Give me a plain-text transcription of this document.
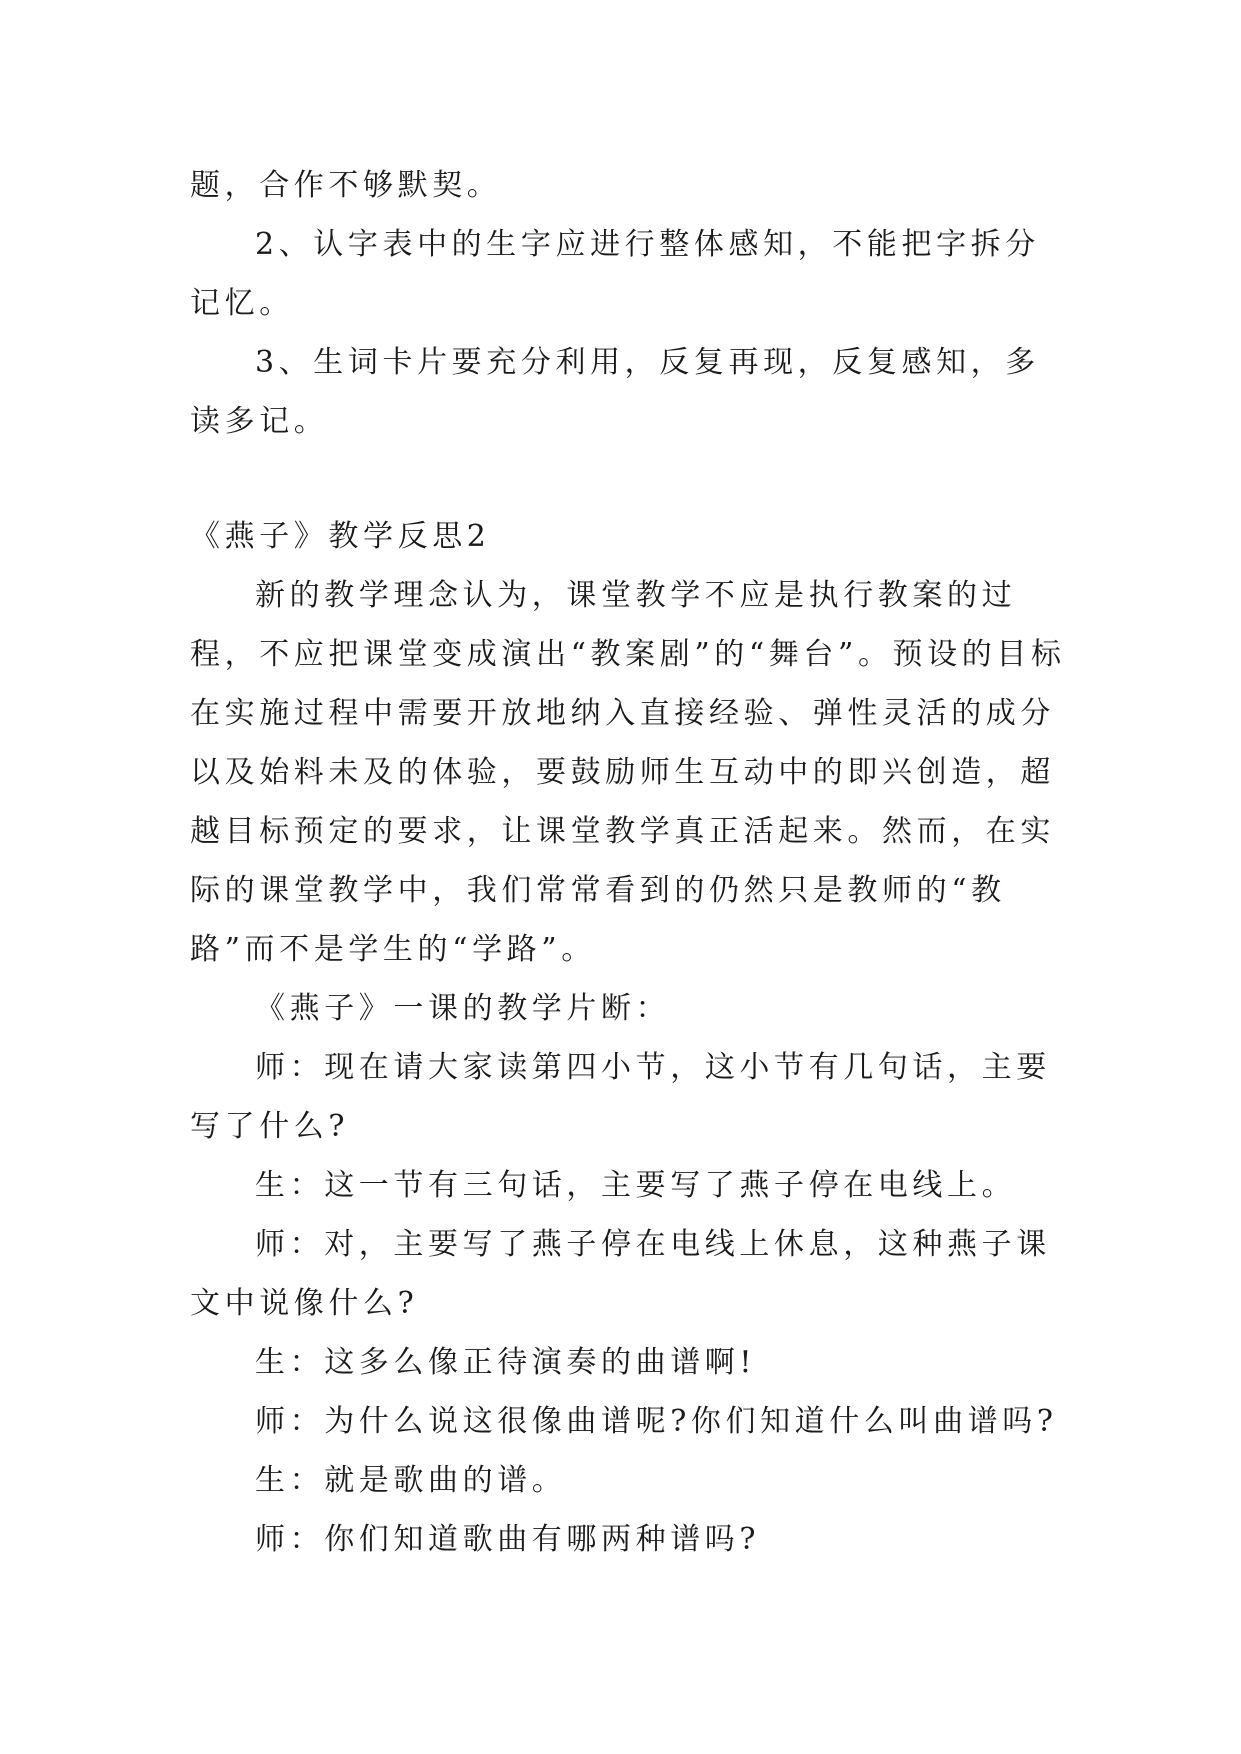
题，合作不够默契。

2、认字表中的生字应进行整体感知，不能把字拆分记忆。

3、生词卡片要充分利用，反复再现，反复感知，多读多记。

《燕子》教学反思2

新的教学理念认为，课堂教学不应是执行教案的过程，不应把课堂变成演出“教案剧”的“舞台”。预设的目标在实施过程中需要开放地纳入直接经验、弹性灵活的成分以及始料未及的体验，要鼓励师生互动中的即兴创造，超越目标预定的要求，让课堂教学真正活起来。然而，在实际的课堂教学中，我们常常看到的仍然只是教师的“教路”而不是学生的“学路”。

《燕子》一课的教学片断：

师：现在请大家读第四小节，这小节有几句话，主要写了什么?

生：这一节有三句话，主要写了燕子停在电线上。

师：对，主要写了燕子停在电线上休息，这种燕子课文中说像什么?

生：这多么像正待演奏的曲谱啊!

师：为什么说这很像曲谱呢?你们知道什么叫曲谱吗?

生：就是歌曲的谱。

师：你们知道歌曲有哪两种谱吗?
